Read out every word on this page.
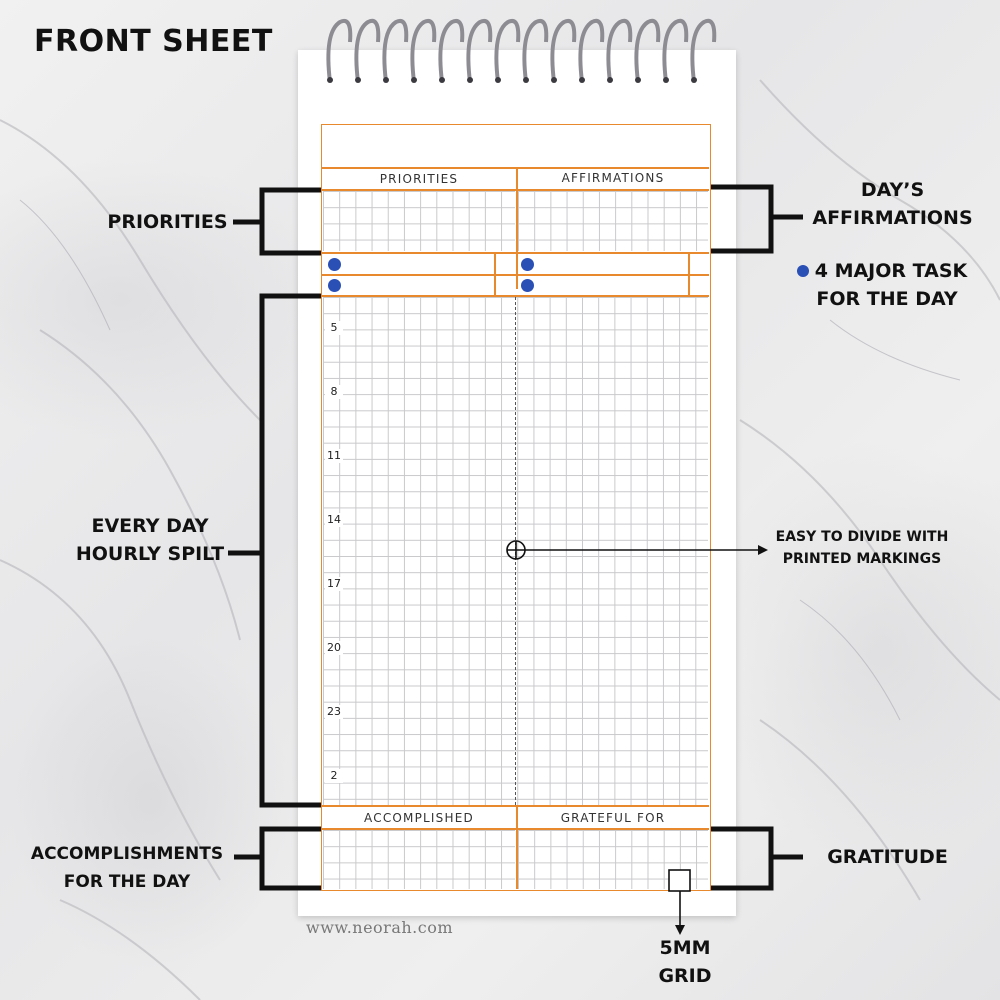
FRONT SHEET
PRIORITIES	AFFIRMATIONS
5
8
11
14
17
20
23
2
ACCOMPLISHED	GRATEFUL FOR
PRIORITIES
DAY’S
AFFIRMATIONS
4 MAJOR TASK
FOR THE DAY
EVERY DAY
HOURLY SPILT
EASY TO DIVIDE WITH
PRINTED MARKINGS
ACCOMPLISHMENTS
FOR THE DAY
GRATITUDE
5MM
GRID
www.neorah.com
